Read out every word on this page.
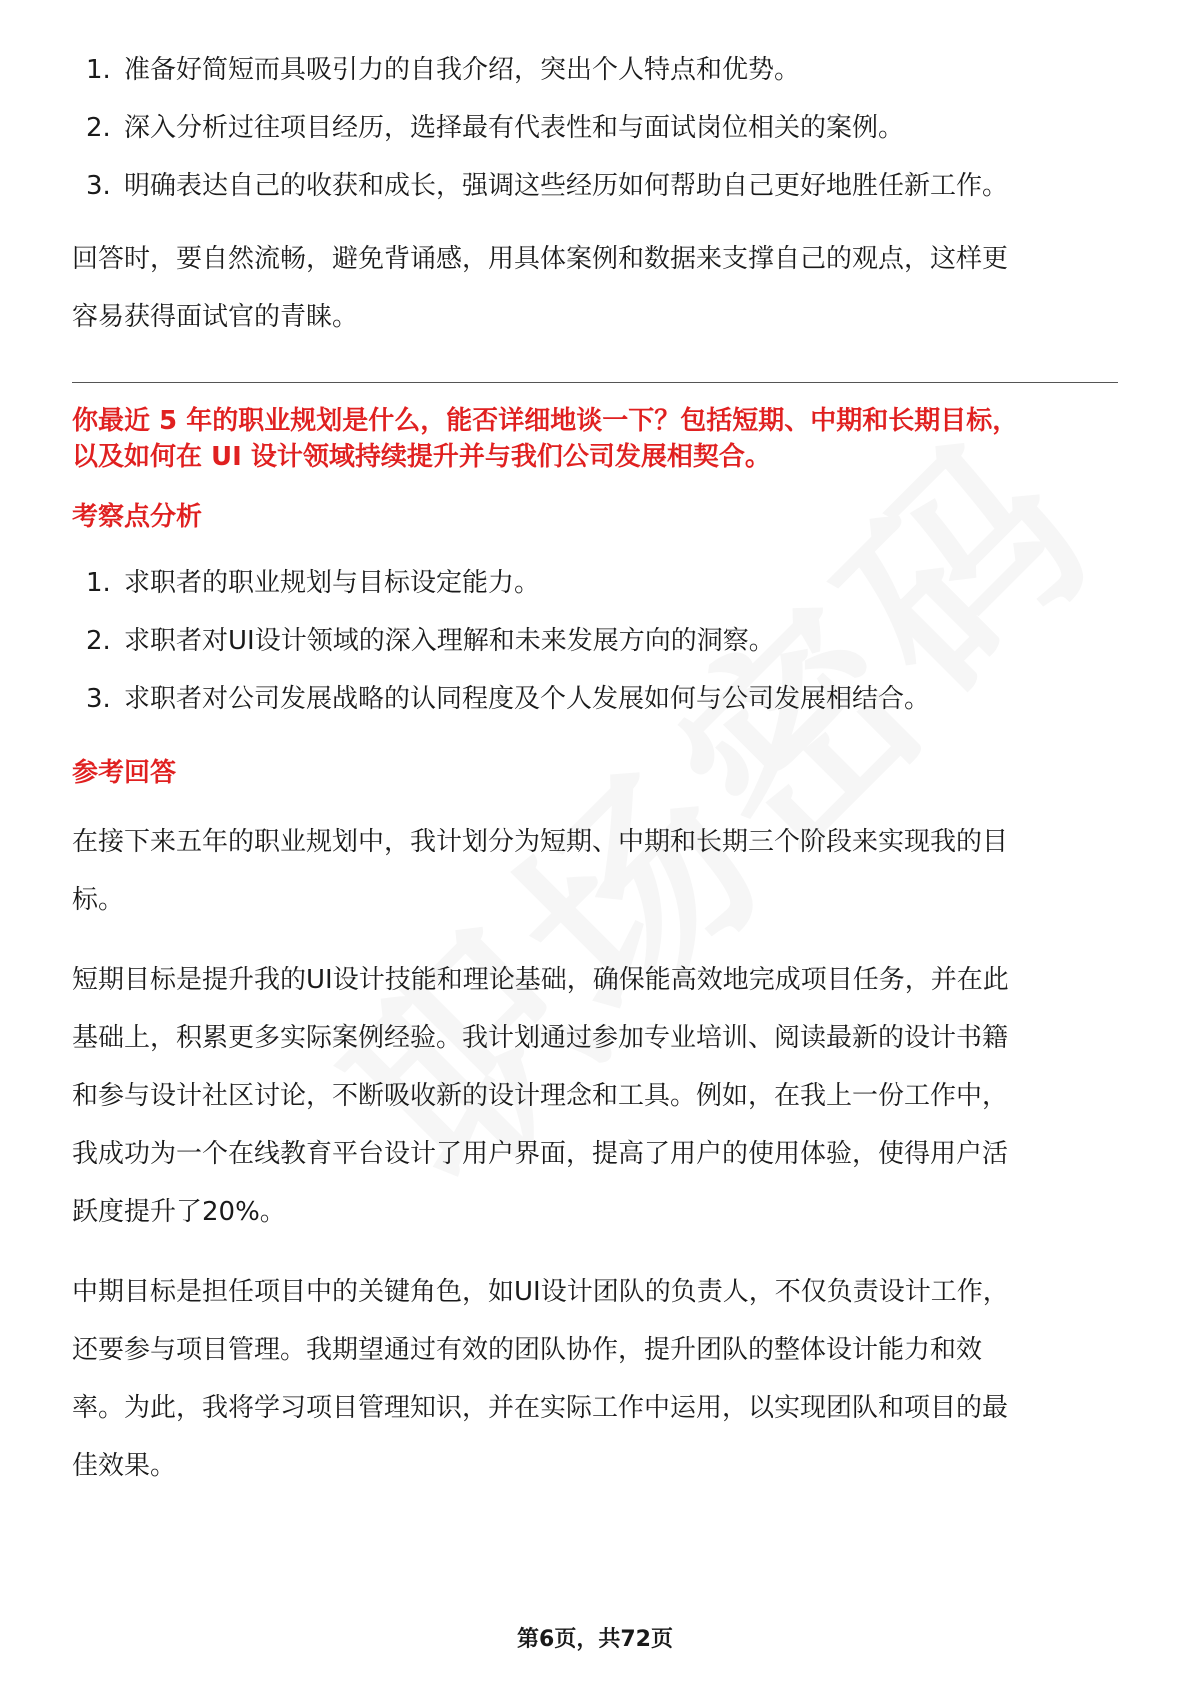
1. 准备好简短而具吸引力的自我介绍，突出个人特点和优势。
2. 深入分析过往项目经历，选择最有代表性和与面试岗位相关的案例。
3. 明确表达自己的收获和成长，强调这些经历如何帮助自己更好地胜任新工作。

回答时，要自然流畅，避免背诵感，用具体案例和数据来支撑自己的观点，这样更

容易获得面试官的青睐。

你最近 5 年的职业规划是什么，能否详细地谈一下？包括短期、中期和长期目标，

以及如何在 UI 设计领域持续提升并与我们公司发展相契合。

考察点分析

1. 求职者的职业规划与目标设定能力。
2. 求职者对UI设计领域的深入理解和未来发展方向的洞察。
3. 求职者对公司发展战略的认同程度及个人发展如何与公司发展相结合。

参考回答

在接下来五年的职业规划中，我计划分为短期、中期和长期三个阶段来实现我的目

标。

短期目标是提升我的UI设计技能和理论基础，确保能高效地完成项目任务，并在此

基础上，积累更多实际案例经验。我计划通过参加专业培训、阅读最新的设计书籍

和参与设计社区讨论，不断吸收新的设计理念和工具。例如，在我上一份工作中，

我成功为一个在线教育平台设计了用户界面，提高了用户的使用体验，使得用户活

跃度提升了20%。

中期目标是担任项目中的关键角色，如UI设计团队的负责人，不仅负责设计工作，

还要参与项目管理。我期望通过有效的团队协作，提升团队的整体设计能力和效

率。为此，我将学习项目管理知识，并在实际工作中运用，以实现团队和项目的最

佳效果。

第6页，共72页
